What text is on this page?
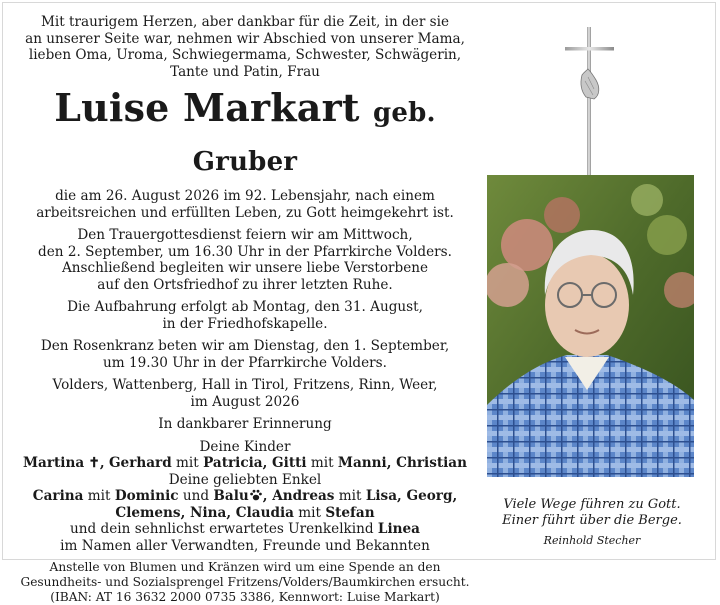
Mit traurigem Herzen, aber dankbar für die Zeit, in der sie

an unserer Seite war, nehmen wir Abschied von unserer Mama,

lieben Oma, Uroma, Schwiegermama, Schwester, Schwägerin,

Tante und Patin, Frau

Luise Markart geb. Gruber

die am 26. August 2026 im 92. Lebensjahr, nach einem

arbeitsreichen und erfüllten Leben, zu Gott heimgekehrt ist.

Den Trauergottesdienst feiern wir am Mittwoch,

den 2. September, um 16.30 Uhr in der Pfarrkirche Volders.

Anschließend begleiten wir unsere liebe Verstorbene

auf den Ortsfriedhof zu ihrer letzten Ruhe.

Die Aufbahrung erfolgt ab Montag, den 31. August,

in der Friedhofskapelle.

Den Rosenkranz beten wir am Dienstag, den 1. September,

um 19.30 Uhr in der Pfarrkirche Volders.

Volders, Wattenberg, Hall in Tirol, Fritzens, Rinn, Weer,

im August 2026

In dankbarer Erinnerung

Deine Kinder

Martina ✝, Gerhard mit Patricia, Gitti mit Manni, Christian

Deine geliebten Enkel

Carina mit Dominic und Balu , Andreas mit Lisa, Georg,

Clemens, Nina, Claudia mit Stefan

und dein sehnlichst erwartetes Urenkelkind Linea

im Namen aller Verwandten, Freunde und Bekannten

Anstelle von Blumen und Kränzen wird um eine Spende an den

Gesundheits- und Sozialsprengel Fritzens/Volders/Baumkirchen ersucht.

(IBAN: AT 16 3632 2000 0735 3386, Kennwort: Luise Markart)

Viele Wege führen zu Gott.
Einer führt über die Berge.
Reinhold Stecher
